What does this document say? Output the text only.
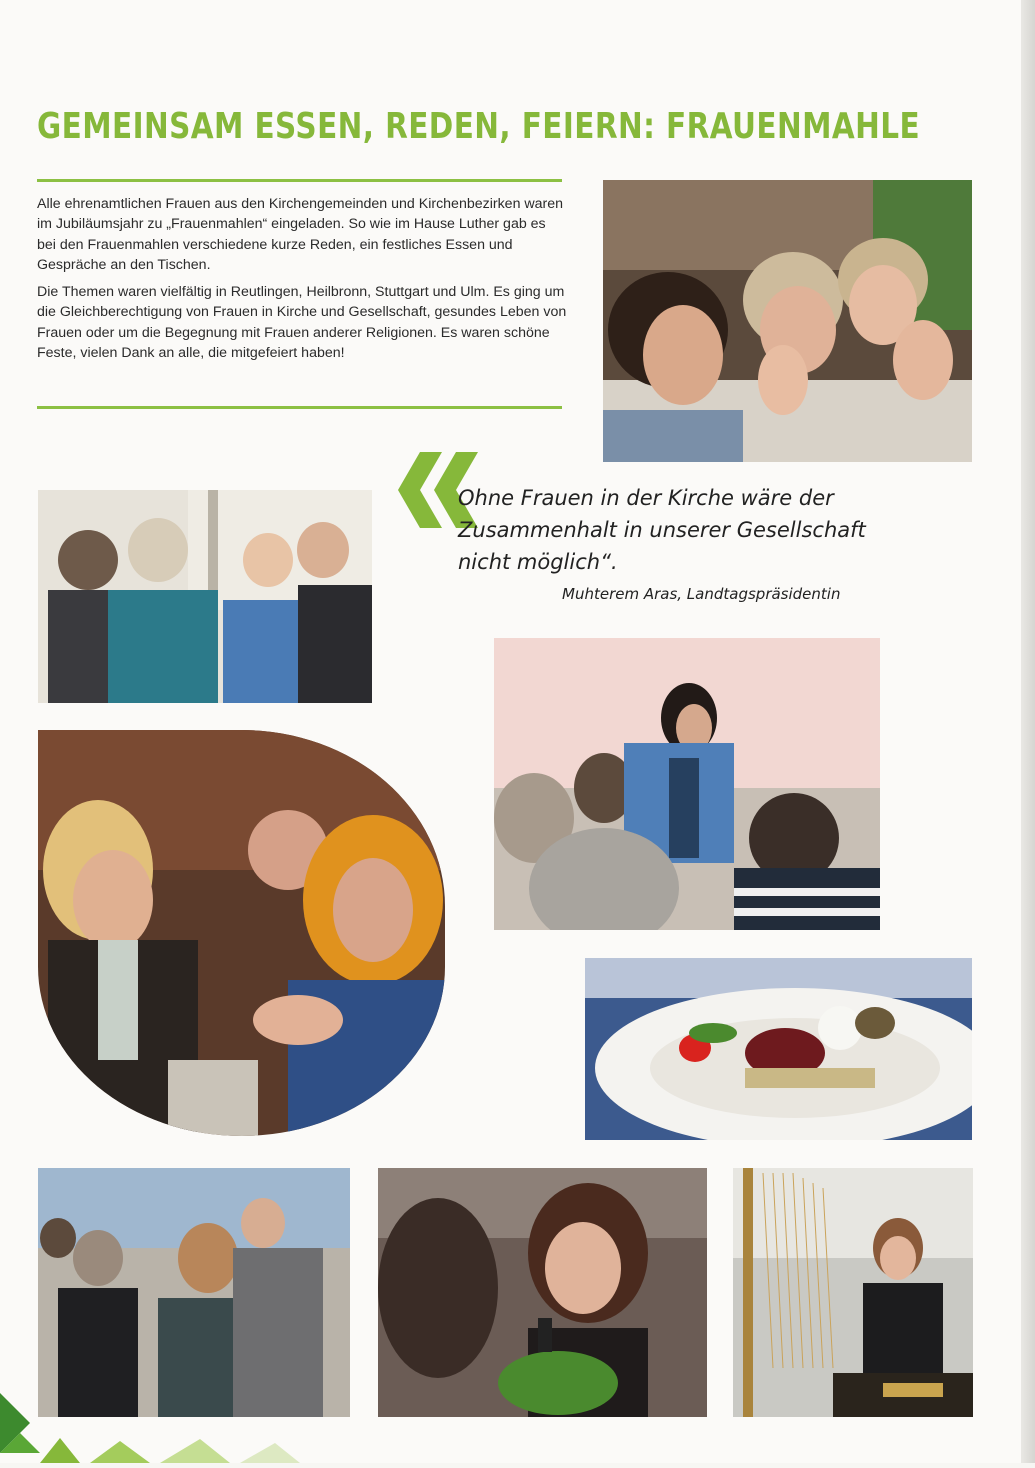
GEMEINSAM ESSEN, REDEN, FEIERN: FRAUENMAHLE

Alle ehrenamtlichen Frauen aus den Kirchengemeinden und Kirchenbezirken waren im Jubiläumsjahr zu „Frauenmahlen“ eingeladen. So wie im Hause Luther gab es bei den Frauenmahlen verschiedene kurze Reden, ein festliches Essen und Gespräche an den Tischen.

Die Themen waren vielfältig in Reutlingen, Heilbronn, Stuttgart und Ulm. Es ging um die Gleichberechtigung von Frauen in Kirche und Gesellschaft, gesundes Leben von Frauen oder um die Begegnung mit Frauen anderer Religionen. Es waren schöne Feste, vielen Dank an alle, die mitgefeiert haben!

Ohne Frauen in der Kirche wäre der Zusammenhalt in unserer Gesellschaft nicht möglich“.
Muhterem Aras, Landtagspräsidentin
